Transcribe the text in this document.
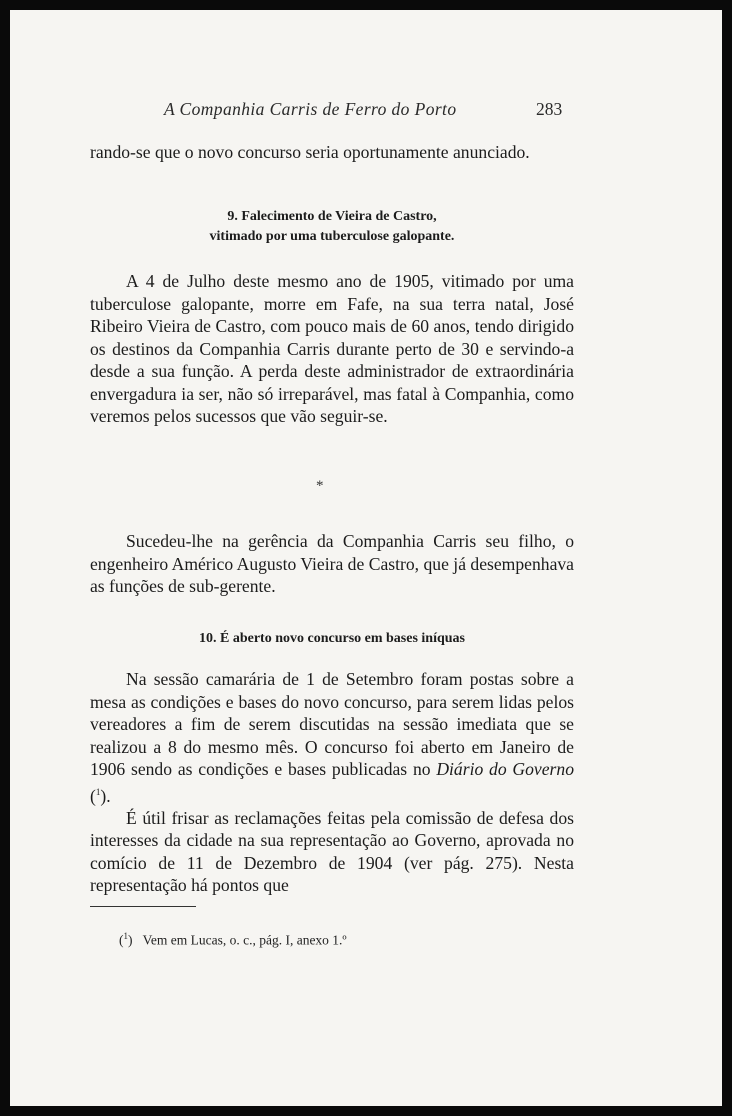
A Companhia Carris de Ferro do Porto	283

rando-se que o novo concurso seria oportunamente anunciado.

9. Falecimento de Vieira de Castro,
vitimado por uma tuberculose galopante.

A 4 de Julho deste mesmo ano de 1905, vitimado por uma tuberculose galopante, morre em Fafe, na sua terra natal, José Ribeiro Vieira de Castro, com pouco mais de 60 anos, tendo dirigido os destinos da Companhia Carris durante perto de 30 e servindo-a desde a sua função. A perda deste administrador de extraordinária envergadura ia ser, não só irreparável, mas fatal à Companhia, como veremos pelos sucessos que vão seguir-se.

*

Sucedeu-lhe na gerência da Companhia Carris seu filho, o engenheiro Américo Augusto Vieira de Castro, que já desempenhava as funções de sub-gerente.

10. É aberto novo concurso em bases iníquas

Na sessão camarária de 1 de Setembro foram postas sobre a mesa as condições e bases do novo concurso, para serem lidas pelos vereadores a fim de serem discutidas na sessão imediata que se realizou a 8 do mesmo mês. O concurso foi aberto em Janeiro de 1906 sendo as condições e bases publicadas no Diário do Governo ($^1$).

É útil frisar as reclamações feitas pela comissão de defesa dos interesses da cidade na sua representação ao Governo, aprovada no comício de 11 de Dezembro de 1904 (ver pág. 275). Nesta representação há pontos que

($^1$)   Vem em Lucas, o. c., pág. I, anexo 1.º
